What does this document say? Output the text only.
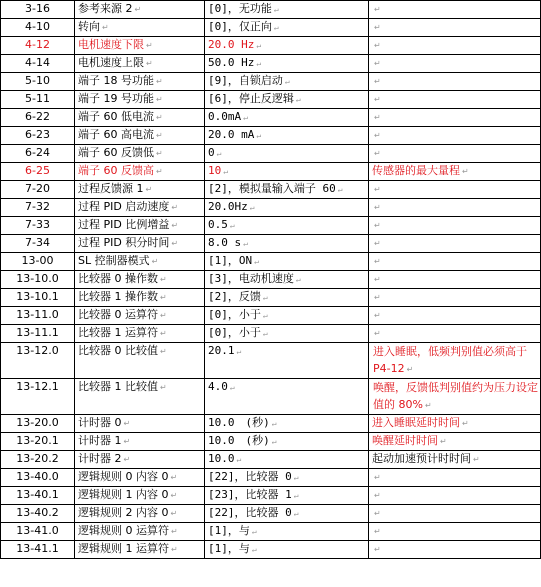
3-16	参考来源 2 ↵	[0]，无功能 ↵	↵
4-10	转向 ↵	[0]，仅正向 ↵	↵
4-12	电机速度下限 ↵	20.0 Hz ↵	↵
4-14	电机速度上限 ↵	50.0 Hz ↵	↵
5-10	端子 18 号功能 ↵	[9]，自锁启动 ↵	↵
5-11	端子 19 号功能 ↵	[6]，停止反逻辑 ↵	↵
6-22	端子 60 低电流 ↵	0.0mA ↵	↵
6-23	端子 60 高电流 ↵	20.0 mA ↵	↵
6-24	端子 60 反馈低 ↵	0 ↵	↵
6-25	端子 60 反馈高 ↵	10 ↵	传感器的最大量程 ↵
7-20	过程反馈源 1 ↵	[2]，模拟量输入端子 60 ↵	↵
7-32	过程 PID 启动速度 ↵	20.0Hz ↵	↵
7-33	过程 PID 比例增益 ↵	0.5 ↵	↵
7-34	过程 PID 积分时间 ↵	8.0 s ↵	↵
13-00	SL 控制器模式 ↵	[1]，ON ↵	↵
13-10.0	比较器 0 操作数 ↵	[3]，电动机速度 ↵	↵
13-10.1	比较器 1 操作数 ↵	[2]，反馈 ↵	↵
13-11.0	比较器 0 运算符 ↵	[0]，小于 ↵	↵
13-11.1	比较器 1 运算符 ↵	[0]，小于 ↵	↵
13-12.0	比较器 0 比较值 ↵	20.1 ↵	进入睡眠，低频判别值必须高于 P4-12 ↵
13-12.1	比较器 1 比较值 ↵	4.0 ↵	唤醒，反馈低判别值约为压力设定值的 80% ↵
13-20.0	计时器 0 ↵	10.0　(秒) ↵	进入睡眠延时时间 ↵
13-20.1	计时器 1 ↵	10.0　(秒) ↵	唤醒延时时间 ↵
13-20.2	计时器 2 ↵	10.0 ↵	起动加速预计时时间 ↵
13-40.0	逻辑规则 0 内容 0 ↵	[22]，比较器 0 ↵	↵
13-40.1	逻辑规则 1 内容 0 ↵	[23]，比较器 1 ↵	↵
13-40.2	逻辑规则 2 内容 0 ↵	[22]，比较器 0 ↵	↵
13-41.0	逻辑规则 0 运算符 ↵	[1]，与 ↵	↵
13-41.1	逻辑规则 1 运算符 ↵	[1]，与 ↵	↵
